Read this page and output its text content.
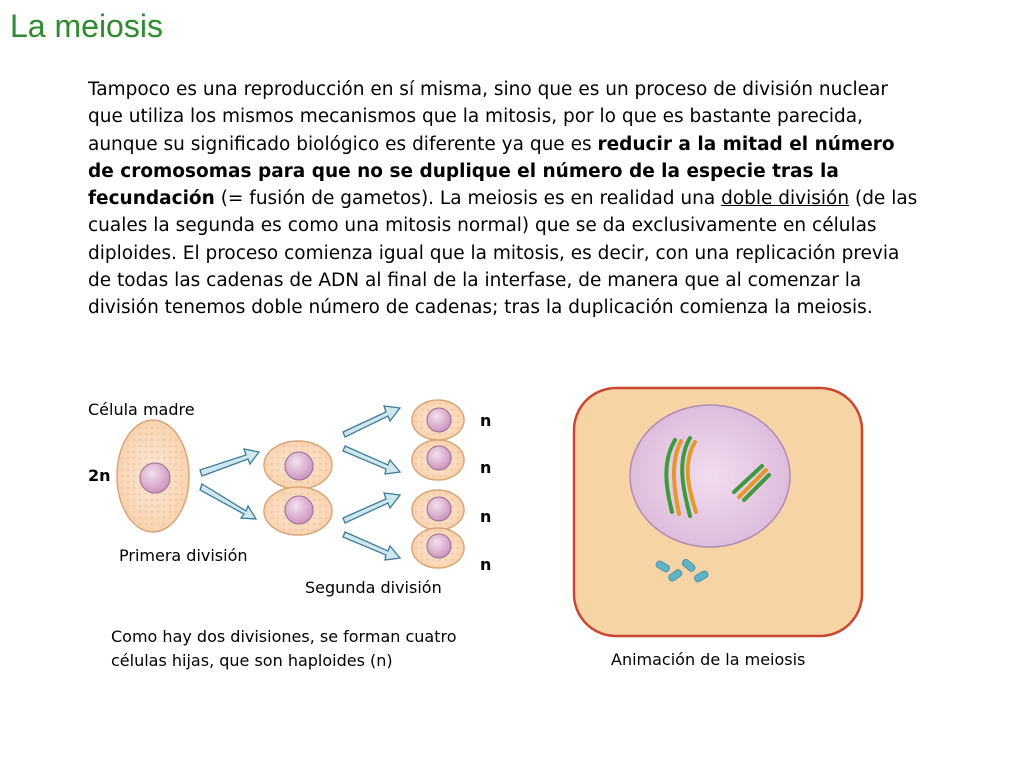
La meiosis

Tampoco es una reproducción en sí misma, sino que es un proceso de división nuclear que utiliza los mismos mecanismos que la mitosis, por lo que es bastante parecida, aunque su significado biológico es diferente ya que es reducir a la mitad el número de cromosomas para que no se duplique el número de la especie tras la fecundación (= fusión de gametos). La meiosis es en realidad una doble división (de las cuales la segunda es como una mitosis normal) que se da exclusivamente en células diploides. El proceso comienza igual que la mitosis, es decir, con una replicación previa de todas las cadenas de ADN al final de la interfase, de manera que al comenzar la división tenemos doble número de cadenas; tras la duplicación comienza la meiosis.

Célula madre

2n

Primera división

Segunda división

n

n

n

n

Como hay dos divisiones, se forman cuatro células hijas, que son haploides (n)	Animación de la meiosis
